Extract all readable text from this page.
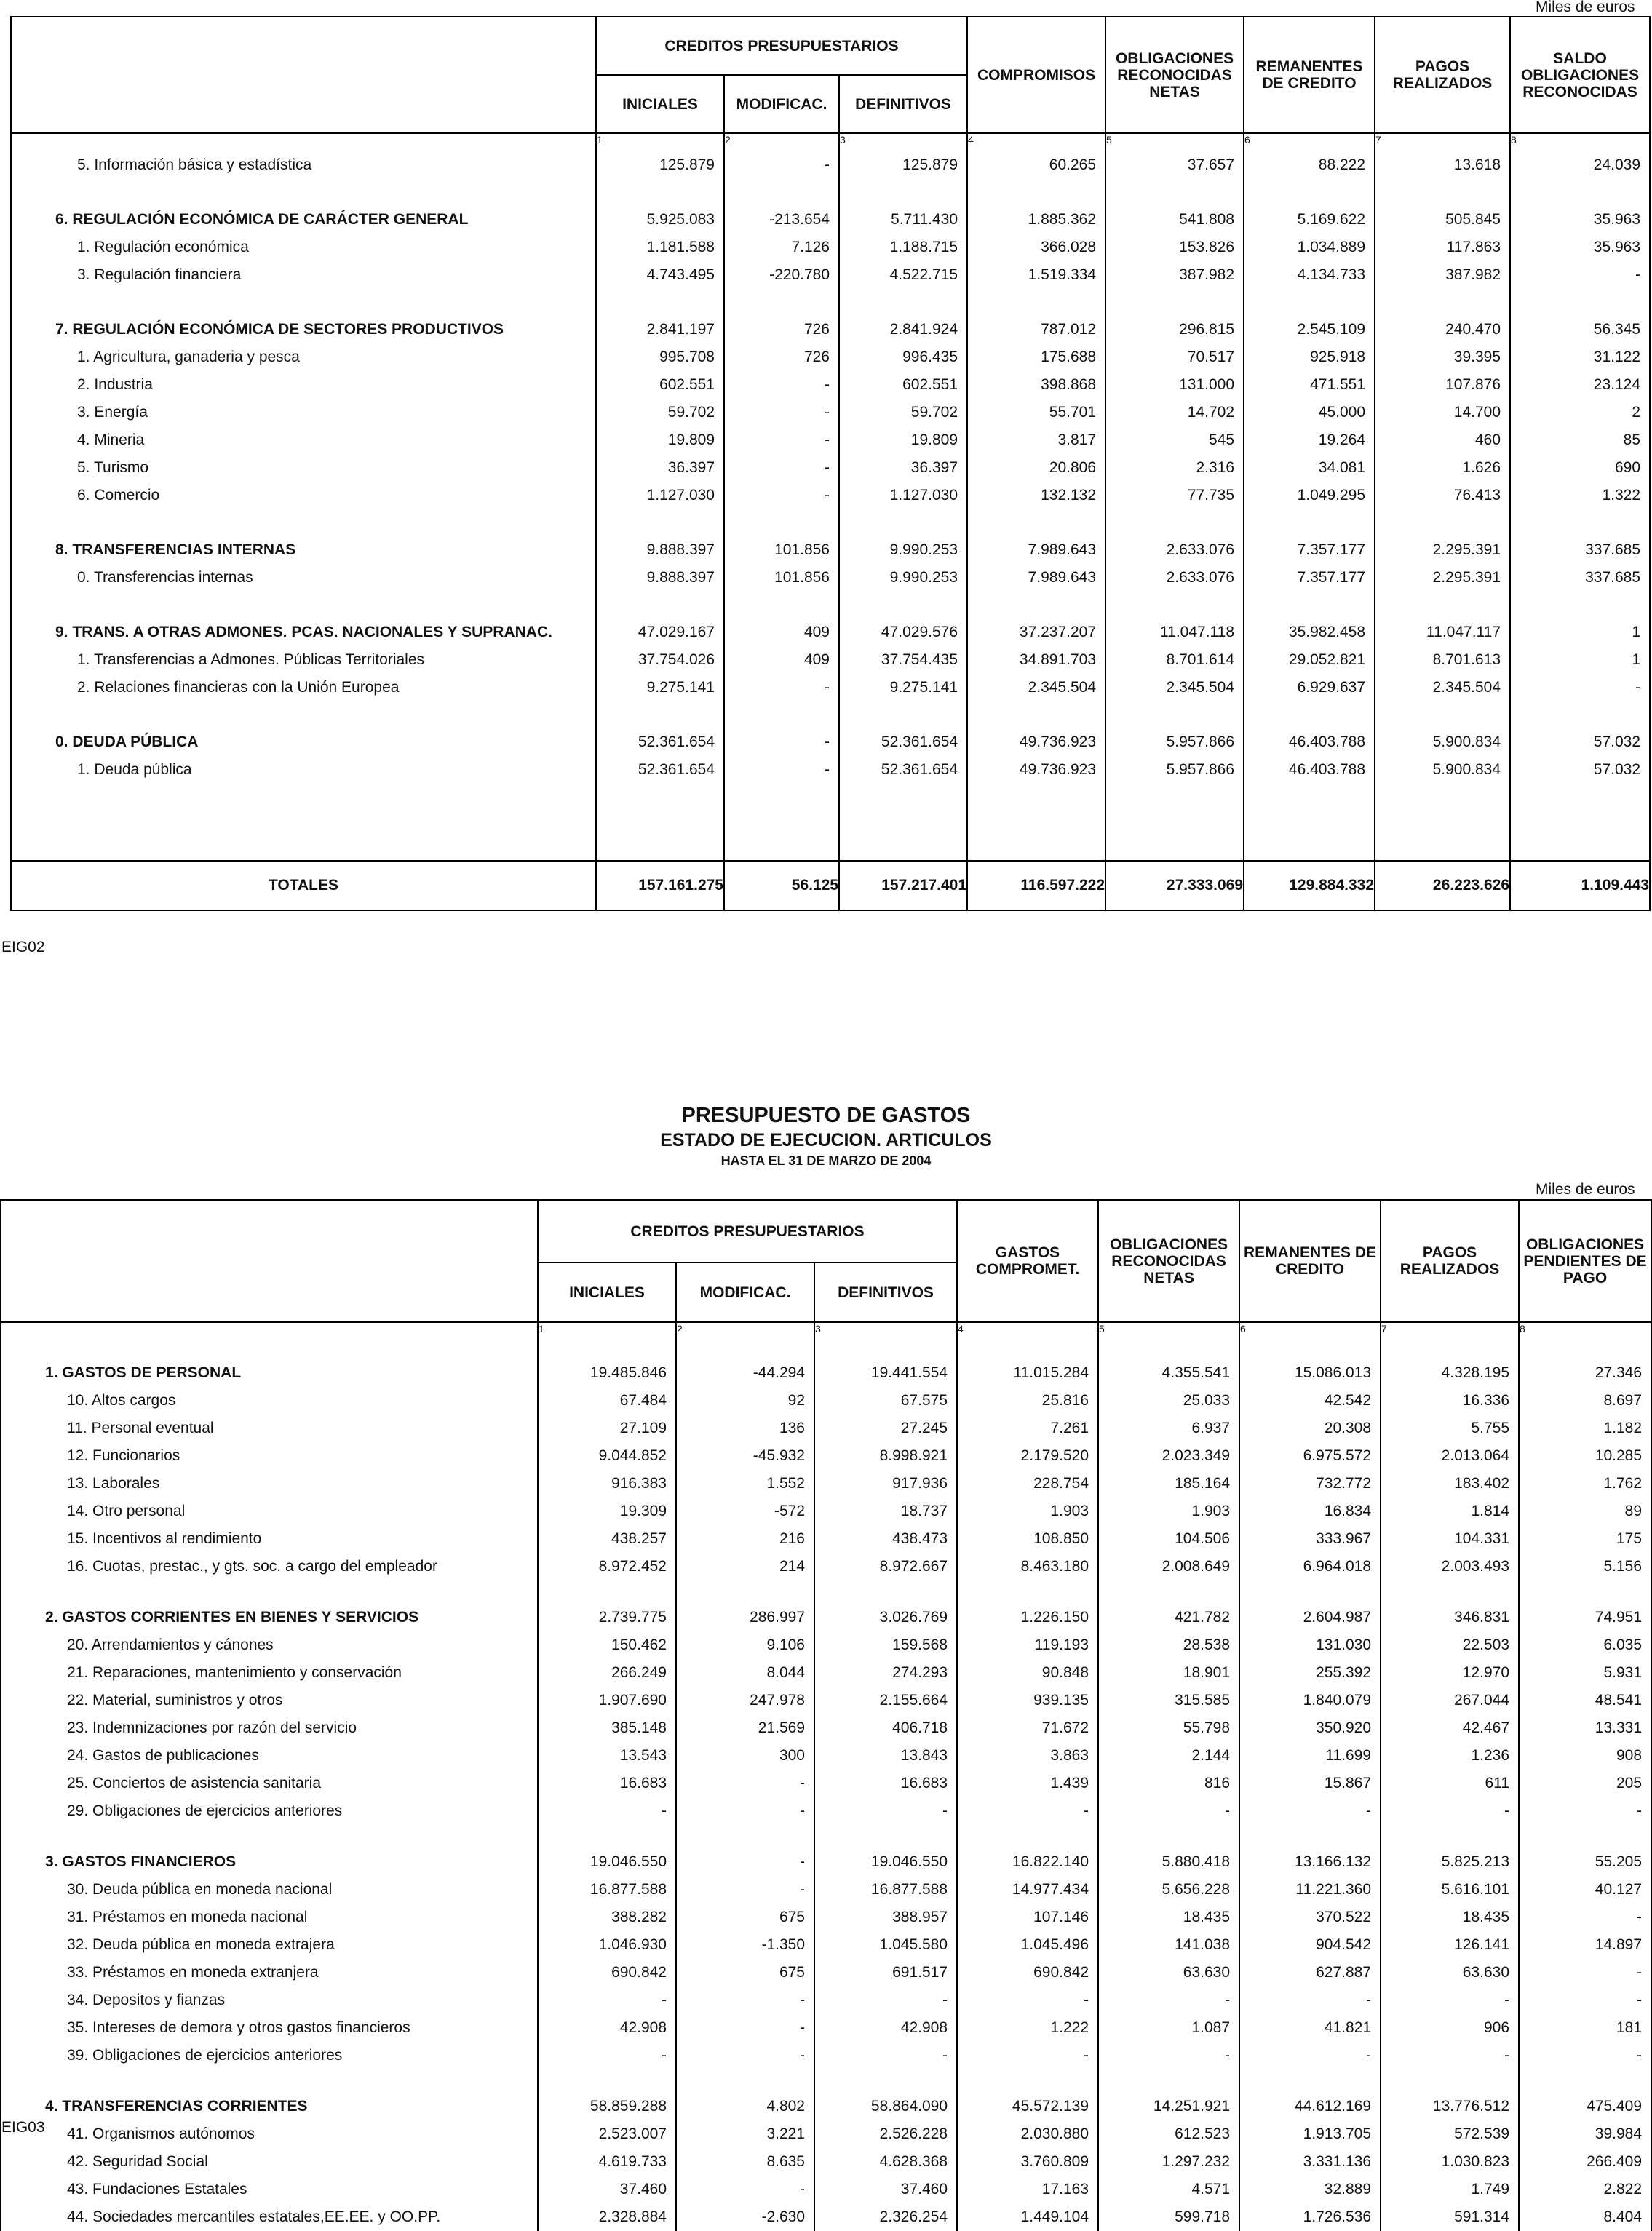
Miles de euros
	CREDITOS PRESUPUESTARIOS			COMPROMISOS	OBLIGACIONES RECONOCIDAS NETAS	REMANENTES DE CREDITO	PAGOS REALIZADOS	SALDO OBLIGACIONES RECONOCIDAS
	INICIALES	MODIFICAC.	DEFINITIVOS					
	1	2	3	4	5	6	7	8
5. Información básica y estadística	125.879	-	125.879	60.265	37.657	88.222	13.618	24.039

6. REGULACIÓN ECONÓMICA DE CARÁCTER GENERAL	5.925.083	-213.654	5.711.430	1.885.362	541.808	5.169.622	505.845	35.963
1. Regulación económica	1.181.588	7.126	1.188.715	366.028	153.826	1.034.889	117.863	35.963
3. Regulación financiera	4.743.495	-220.780	4.522.715	1.519.334	387.982	4.134.733	387.982	-

7. REGULACIÓN ECONÓMICA DE SECTORES PRODUCTIVOS	2.841.197	726	2.841.924	787.012	296.815	2.545.109	240.470	56.345
1. Agricultura, ganaderia y pesca	995.708	726	996.435	175.688	70.517	925.918	39.395	31.122
2. Industria	602.551	-	602.551	398.868	131.000	471.551	107.876	23.124
3. Energía	59.702	-	59.702	55.701	14.702	45.000	14.700	2
4. Mineria	19.809	-	19.809	3.817	545	19.264	460	85
5. Turismo	36.397	-	36.397	20.806	2.316	34.081	1.626	690
6. Comercio	1.127.030	-	1.127.030	132.132	77.735	1.049.295	76.413	1.322

8. TRANSFERENCIAS INTERNAS	9.888.397	101.856	9.990.253	7.989.643	2.633.076	7.357.177	2.295.391	337.685
0. Transferencias internas	9.888.397	101.856	9.990.253	7.989.643	2.633.076	7.357.177	2.295.391	337.685

9. TRANS. A OTRAS ADMONES. PCAS. NACIONALES Y SUPRANAC.	47.029.167	409	47.029.576	37.237.207	11.047.118	35.982.458	11.047.117	1
1. Transferencias a Admones. Públicas Territoriales	37.754.026	409	37.754.435	34.891.703	8.701.614	29.052.821	8.701.613	1
2. Relaciones financieras con la Unión Europea	9.275.141	-	9.275.141	2.345.504	2.345.504	6.929.637	2.345.504	-

0. DEUDA PÚBLICA	52.361.654	-	52.361.654	49.736.923	5.957.866	46.403.788	5.900.834	57.032
1. Deuda pública	52.361.654	-	52.361.654	49.736.923	5.957.866	46.403.788	5.900.834	57.032

TOTALES	157.161.275	56.125	157.217.401	116.597.222	27.333.069	129.884.332	26.223.626	1.109.443
EIG02
PRESUPUESTO DE GASTOS
ESTADO DE EJECUCION. ARTICULOS
HASTA EL 31 DE MARZO DE 2004
Miles de euros
	CREDITOS PRESUPUESTARIOS			GASTOS COMPROMET.	OBLIGACIONES RECONOCIDAS NETAS	REMANENTES DE CREDITO	PAGOS REALIZADOS	OBLIGACIONES PENDIENTES DE PAGO
	INICIALES	MODIFICAC.	DEFINITIVOS					
	1	2	3	4	5	6	7	8

1. GASTOS DE PERSONAL	19.485.846	-44.294	19.441.554	11.015.284	4.355.541	15.086.013	4.328.195	27.346
10. Altos cargos	67.484	92	67.575	25.816	25.033	42.542	16.336	8.697
11. Personal eventual	27.109	136	27.245	7.261	6.937	20.308	5.755	1.182
12. Funcionarios	9.044.852	-45.932	8.998.921	2.179.520	2.023.349	6.975.572	2.013.064	10.285
13. Laborales	916.383	1.552	917.936	228.754	185.164	732.772	183.402	1.762
14. Otro personal	19.309	-572	18.737	1.903	1.903	16.834	1.814	89
15. Incentivos al rendimiento	438.257	216	438.473	108.850	104.506	333.967	104.331	175
16. Cuotas, prestac., y gts. soc. a cargo del empleador	8.972.452	214	8.972.667	8.463.180	2.008.649	6.964.018	2.003.493	5.156

2. GASTOS CORRIENTES EN BIENES Y SERVICIOS	2.739.775	286.997	3.026.769	1.226.150	421.782	2.604.987	346.831	74.951
20. Arrendamientos y cánones	150.462	9.106	159.568	119.193	28.538	131.030	22.503	6.035
21. Reparaciones, mantenimiento y conservación	266.249	8.044	274.293	90.848	18.901	255.392	12.970	5.931
22. Material, suministros y otros	1.907.690	247.978	2.155.664	939.135	315.585	1.840.079	267.044	48.541
23. Indemnizaciones por razón del servicio	385.148	21.569	406.718	71.672	55.798	350.920	42.467	13.331
24. Gastos de publicaciones	13.543	300	13.843	3.863	2.144	11.699	1.236	908
25. Conciertos de asistencia sanitaria	16.683	-	16.683	1.439	816	15.867	611	205
29. Obligaciones de ejercicios anteriores	-	-	-	-	-	-	-	-

3. GASTOS FINANCIEROS	19.046.550	-	19.046.550	16.822.140	5.880.418	13.166.132	5.825.213	55.205
30. Deuda pública en moneda nacional	16.877.588	-	16.877.588	14.977.434	5.656.228	11.221.360	5.616.101	40.127
31. Préstamos en moneda nacional	388.282	675	388.957	107.146	18.435	370.522	18.435	-
32. Deuda pública en moneda extrajera	1.046.930	-1.350	1.045.580	1.045.496	141.038	904.542	126.141	14.897
33. Préstamos en moneda extranjera	690.842	675	691.517	690.842	63.630	627.887	63.630	-
34. Depositos y fianzas	-	-	-	-	-	-	-	-
35. Intereses de demora y otros gastos financieros	42.908	-	42.908	1.222	1.087	41.821	906	181
39. Obligaciones de ejercicios anteriores	-	-	-	-	-	-	-	-

4. TRANSFERENCIAS CORRIENTES	58.859.288	4.802	58.864.090	45.572.139	14.251.921	44.612.169	13.776.512	475.409
41. Organismos autónomos	2.523.007	3.221	2.526.228	2.030.880	612.523	1.913.705	572.539	39.984
42. Seguridad Social	4.619.733	8.635	4.628.368	3.760.809	1.297.232	3.331.136	1.030.823	266.409
43. Fundaciones Estatales	37.460	-	37.460	17.163	4.571	32.889	1.749	2.822
44. Sociedades mercantiles estatales,EE.EE. y OO.PP.	2.328.884	-2.630	2.326.254	1.449.104	599.718	1.726.536	591.314	8.404
EIG03
